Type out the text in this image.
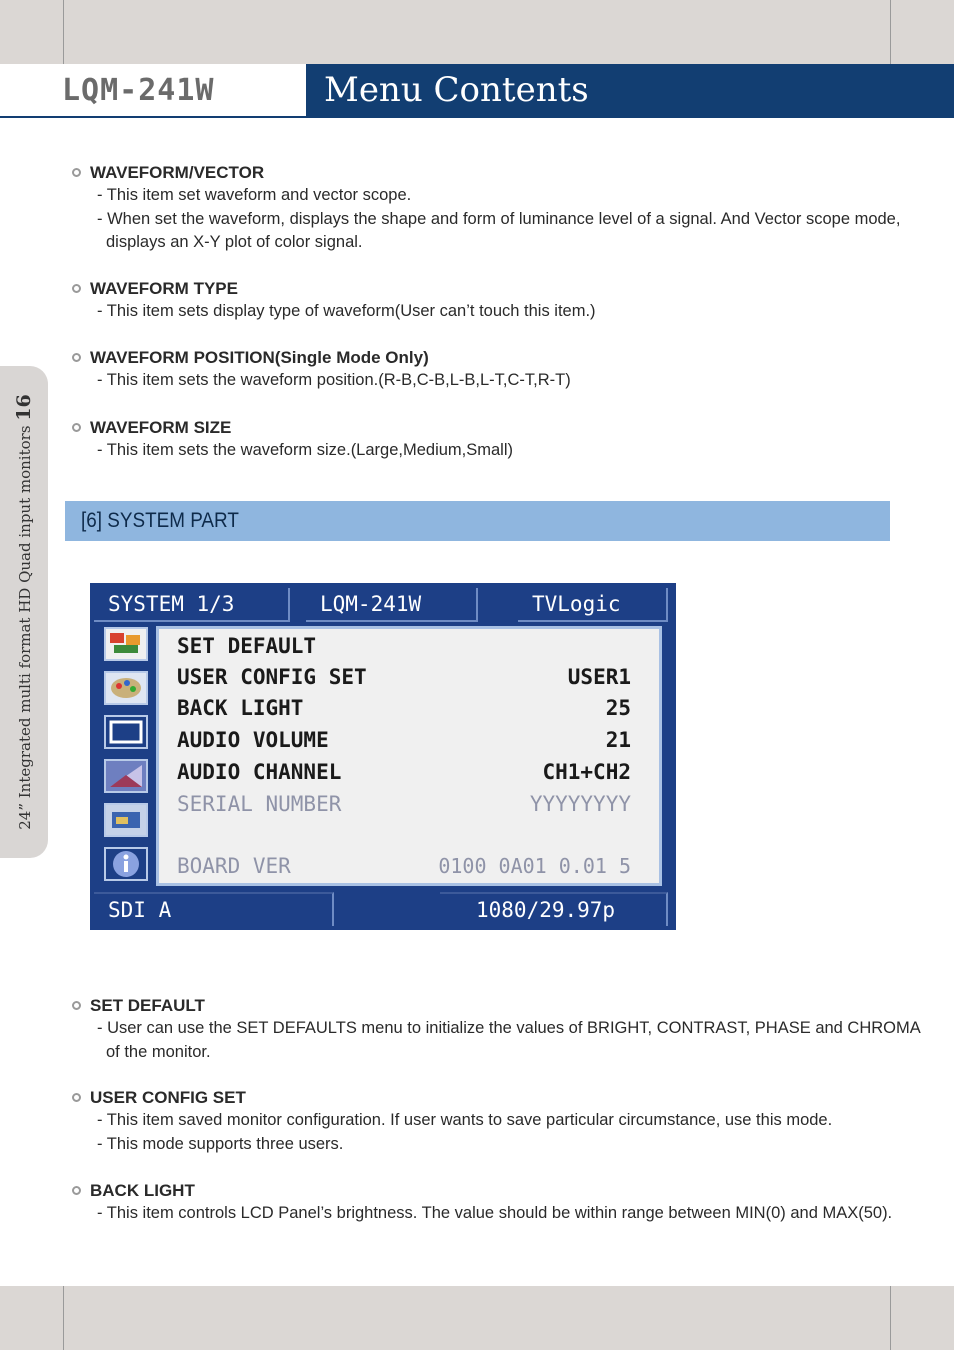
LQM-241W	Menu Contents
24” Integrated multi format HD Quad input monitors 16
WAVEFORM/VECTOR
- This item set waveform and vector scope.
- When set the waveform, displays the shape and form of luminance level of a signal. And Vector scope mode, displays an X-Y plot of color signal.
WAVEFORM TYPE
- This item sets display type of waveform(User can’t touch this item.)
WAVEFORM POSITION(Single Mode Only)
- This item sets the waveform position.(R-B,C-B,L-B,L-T,C-T,R-T)
WAVEFORM SIZE
- This item sets the waveform size.(Large,Medium,Small)
[6] SYSTEM PART
SYSTEM 1/3	LQM-241W	TVLogic
SET DEFAULT
USER CONFIG SET	USER1
BACK LIGHT	25
AUDIO VOLUME	21
AUDIO CHANNEL	CH1+CH2
SERIAL NUMBER	YYYYYYYY
BOARD VER	0100 0A01 0.01 5
SDI A	1080/29.97p
SET DEFAULT
- User can use the SET DEFAULTS menu to initialize the values of BRIGHT, CONTRAST, PHASE and CHROMA of the monitor.
USER CONFIG SET
- This item saved monitor configuration. If user wants to save particular circumstance, use this mode.
- This mode supports three users.
BACK LIGHT
- This item controls LCD Panel’s brightness. The value should be within range between MIN(0) and MAX(50).
